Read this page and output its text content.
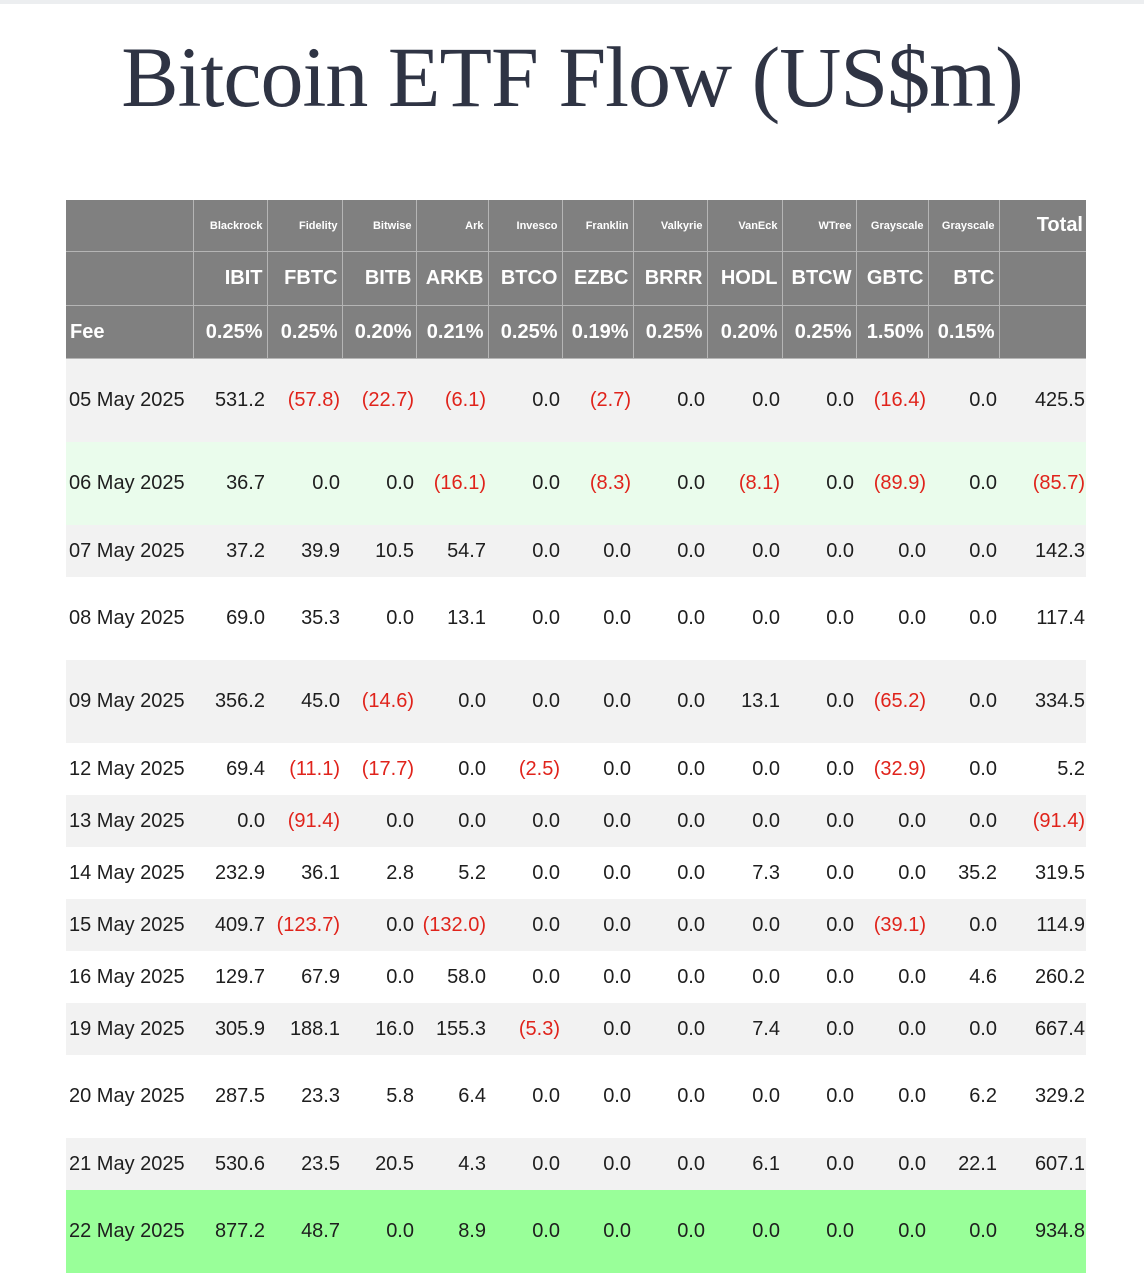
Bitcoin ETF Flow (US$m)
	Blackrock	Fidelity	Bitwise	Ark	Invesco	Franklin	Valkyrie	VanEck	WTree	Grayscale	Grayscale	Total
	IBIT	FBTC	BITB	ARKB	BTCO	EZBC	BRRR	HODL	BTCW	GBTC	BTC	
Fee	0.25%	0.25%	0.20%	0.21%	0.25%	0.19%	0.25%	0.20%	0.25%	1.50%	0.15%	
05 May 2025	531.2	(57.8)	(22.7)	(6.1)	0.0	(2.7)	0.0	0.0	0.0	(16.4)	0.0	425.5
06 May 2025	36.7	0.0	0.0	(16.1)	0.0	(8.3)	0.0	(8.1)	0.0	(89.9)	0.0	(85.7)
07 May 2025	37.2	39.9	10.5	54.7	0.0	0.0	0.0	0.0	0.0	0.0	0.0	142.3
08 May 2025	69.0	35.3	0.0	13.1	0.0	0.0	0.0	0.0	0.0	0.0	0.0	117.4
09 May 2025	356.2	45.0	(14.6)	0.0	0.0	0.0	0.0	13.1	0.0	(65.2)	0.0	334.5
12 May 2025	69.4	(11.1)	(17.7)	0.0	(2.5)	0.0	0.0	0.0	0.0	(32.9)	0.0	5.2
13 May 2025	0.0	(91.4)	0.0	0.0	0.0	0.0	0.0	0.0	0.0	0.0	0.0	(91.4)
14 May 2025	232.9	36.1	2.8	5.2	0.0	0.0	0.0	7.3	0.0	0.0	35.2	319.5
15 May 2025	409.7	(123.7)	0.0	(132.0)	0.0	0.0	0.0	0.0	0.0	(39.1)	0.0	114.9
16 May 2025	129.7	67.9	0.0	58.0	0.0	0.0	0.0	0.0	0.0	0.0	4.6	260.2
19 May 2025	305.9	188.1	16.0	155.3	(5.3)	0.0	0.0	7.4	0.0	0.0	0.0	667.4
20 May 2025	287.5	23.3	5.8	6.4	0.0	0.0	0.0	0.0	0.0	0.0	6.2	329.2
21 May 2025	530.6	23.5	20.5	4.3	0.0	0.0	0.0	6.1	0.0	0.0	22.1	607.1
22 May 2025	877.2	48.7	0.0	8.9	0.0	0.0	0.0	0.0	0.0	0.0	0.0	934.8
